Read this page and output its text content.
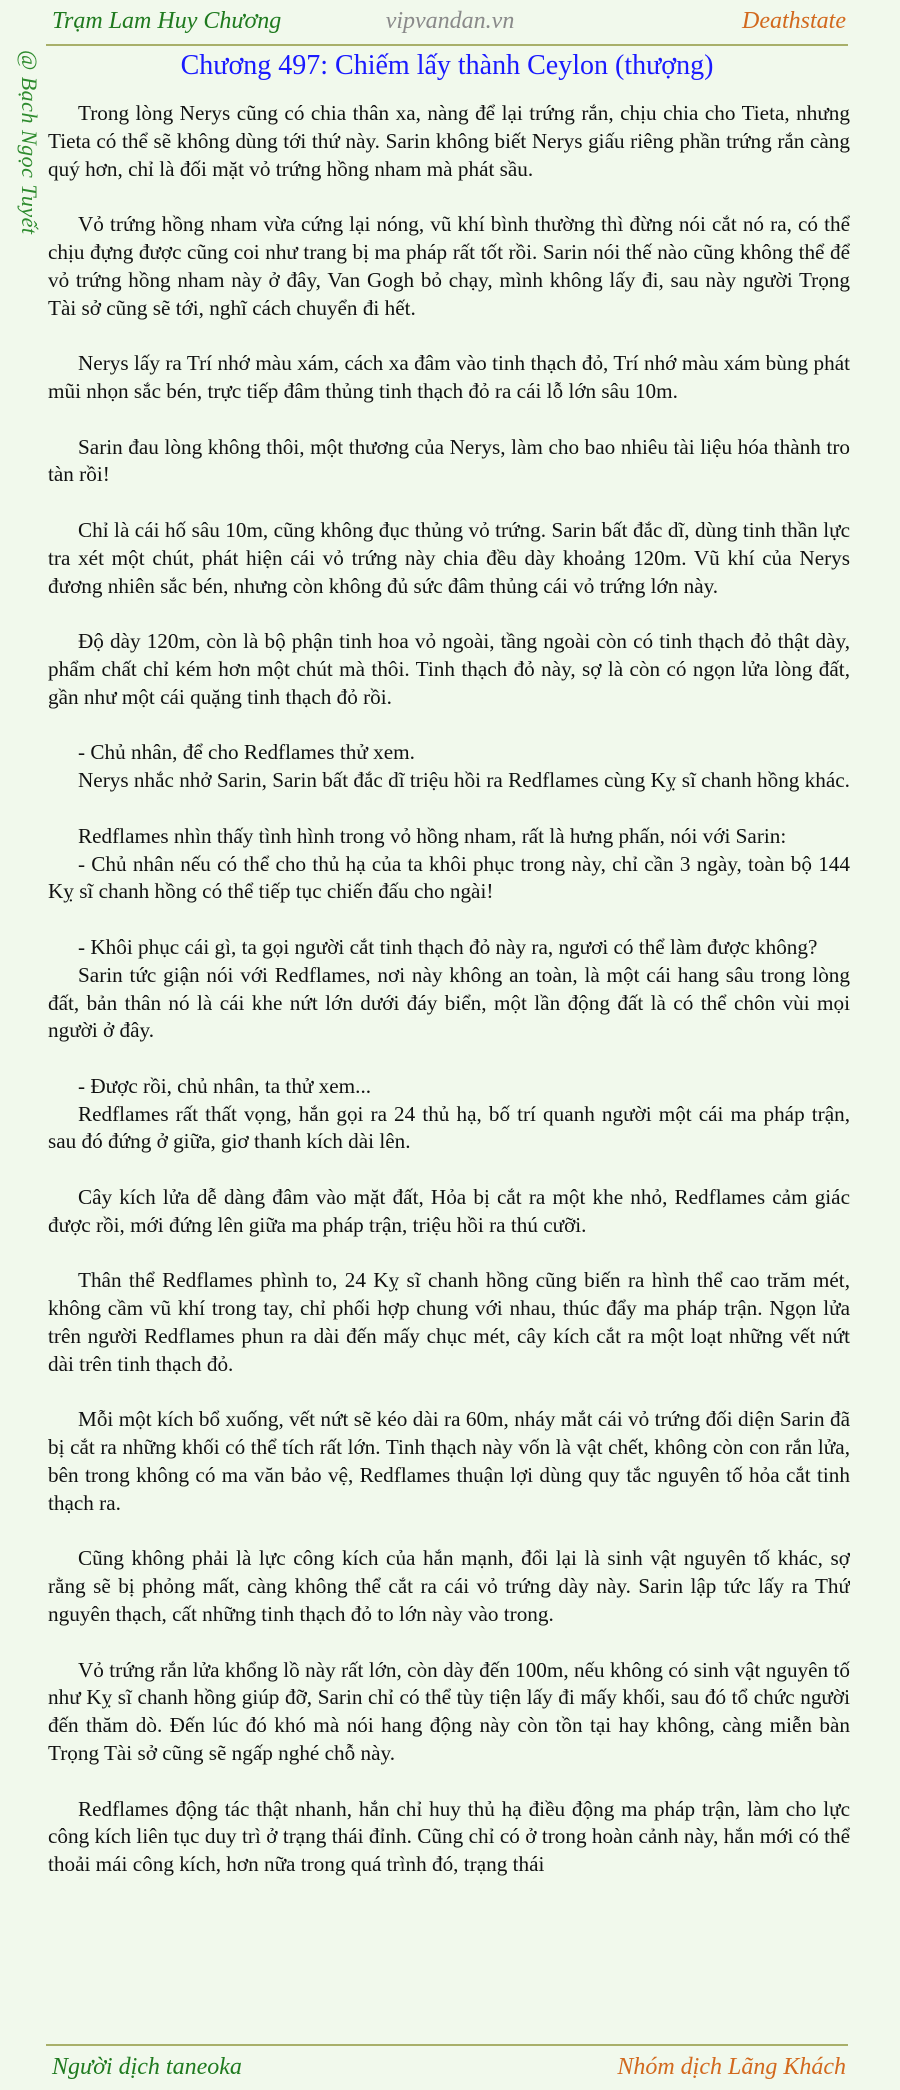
vipvandan.vn
Trạm Lam Huy Chương	Deathstate
@ Bạch Ngọc Tuyết	Chương 497: Chiếm lấy thành Ceylon (thượng)

Trong lòng Nerys cũng có chia thân xa, nàng để lại trứng rắn, chịu chia cho Tieta, nhưng Tieta có thể sẽ không dùng tới thứ này. Sarin không biết Nerys giấu riêng phần trứng rắn càng quý hơn, chỉ là đối mặt vỏ trứng hồng nham mà phát sầu.

Vỏ trứng hồng nham vừa cứng lại nóng, vũ khí bình thường thì đừng nói cắt nó ra, có thể chịu đựng được cũng coi như trang bị ma pháp rất tốt rồi. Sarin nói thế nào cũng không thể để vỏ trứng hồng nham này ở đây, Van Gogh bỏ chạy, mình không lấy đi, sau này người Trọng Tài sở cũng sẽ tới, nghĩ cách chuyển đi hết.

Nerys lấy ra Trí nhớ màu xám, cách xa đâm vào tinh thạch đỏ, Trí nhớ màu xám bùng phát mũi nhọn sắc bén, trực tiếp đâm thủng tinh thạch đỏ ra cái lỗ lớn sâu 10m.

Sarin đau lòng không thôi, một thương của Nerys, làm cho bao nhiêu tài liệu hóa thành tro tàn rồi!

Chỉ là cái hố sâu 10m, cũng không đục thủng vỏ trứng. Sarin bất đắc dĩ, dùng tinh thần lực tra xét một chút, phát hiện cái vỏ trứng này chia đều dày khoảng 120m. Vũ khí của Nerys đương nhiên sắc bén, nhưng còn không đủ sức đâm thủng cái vỏ trứng lớn này.

Độ dày 120m, còn là bộ phận tinh hoa vỏ ngoài, tầng ngoài còn có tinh thạch đỏ thật dày, phẩm chất chỉ kém hơn một chút mà thôi. Tinh thạch đỏ này, sợ là còn có ngọn lửa lòng đất, gần như một cái quặng tinh thạch đỏ rồi.

- Chủ nhân, để cho Redflames thử xem.

Nerys nhắc nhở Sarin, Sarin bất đắc dĩ triệu hồi ra Redflames cùng Kỵ sĩ chanh hồng khác.

Redflames nhìn thấy tình hình trong vỏ hồng nham, rất là hưng phấn, nói với Sarin:

- Chủ nhân nếu có thể cho thủ hạ của ta khôi phục trong này, chỉ cần 3 ngày, toàn bộ 144 Kỵ sĩ chanh hồng có thể tiếp tục chiến đấu cho ngài!

- Khôi phục cái gì, ta gọi người cắt tinh thạch đỏ này ra, ngươi có thể làm được không?

Sarin tức giận nói với Redflames, nơi này không an toàn, là một cái hang sâu trong lòng đất, bản thân nó là cái khe nứt lớn dưới đáy biển, một lần động đất là có thể chôn vùi mọi người ở đây.

- Được rồi, chủ nhân, ta thử xem...

Redflames rất thất vọng, hắn gọi ra 24 thủ hạ, bố trí quanh người một cái ma pháp trận, sau đó đứng ở giữa, giơ thanh kích dài lên.

Cây kích lửa dễ dàng đâm vào mặt đất, Hỏa bị cắt ra một khe nhỏ, Redflames cảm giác được rồi, mới đứng lên giữa ma pháp trận, triệu hồi ra thú cưỡi.

Thân thể Redflames phình to, 24 Kỵ sĩ chanh hồng cũng biến ra hình thể cao trăm mét, không cầm vũ khí trong tay, chỉ phối hợp chung với nhau, thúc đẩy ma pháp trận. Ngọn lửa trên người Redflames phun ra dài đến mấy chục mét, cây kích cắt ra một loạt những vết nứt dài trên tinh thạch đỏ.

Mỗi một kích bổ xuống, vết nứt sẽ kéo dài ra 60m, nháy mắt cái vỏ trứng đối diện Sarin đã bị cắt ra những khối có thể tích rất lớn. Tinh thạch này vốn là vật chết, không còn con rắn lửa, bên trong không có ma văn bảo vệ, Redflames thuận lợi dùng quy tắc nguyên tố hỏa cắt tinh thạch ra.

Cũng không phải là lực công kích của hắn mạnh, đổi lại là sinh vật nguyên tố khác, sợ rằng sẽ bị phỏng mất, càng không thể cắt ra cái vỏ trứng dày này. Sarin lập tức lấy ra Thứ nguyên thạch, cất những tinh thạch đỏ to lớn này vào trong.

Vỏ trứng rắn lửa khổng lồ này rất lớn, còn dày đến 100m, nếu không có sinh vật nguyên tố như Kỵ sĩ chanh hồng giúp đỡ, Sarin chỉ có thể tùy tiện lấy đi mấy khối, sau đó tổ chức người đến thăm dò. Đến lúc đó khó mà nói hang động này còn tồn tại hay không, càng miễn bàn Trọng Tài sở cũng sẽ ngấp nghé chỗ này.

Redflames động tác thật nhanh, hắn chỉ huy thủ hạ điều động ma pháp trận, làm cho lực công kích liên tục duy trì ở trạng thái đỉnh. Cũng chỉ có ở trong hoàn cảnh này, hắn mới có thể thoải mái công kích, hơn nữa trong quá trình đó, trạng thái

Người dịch taneoka	Nhóm dịch Lãng Khách
